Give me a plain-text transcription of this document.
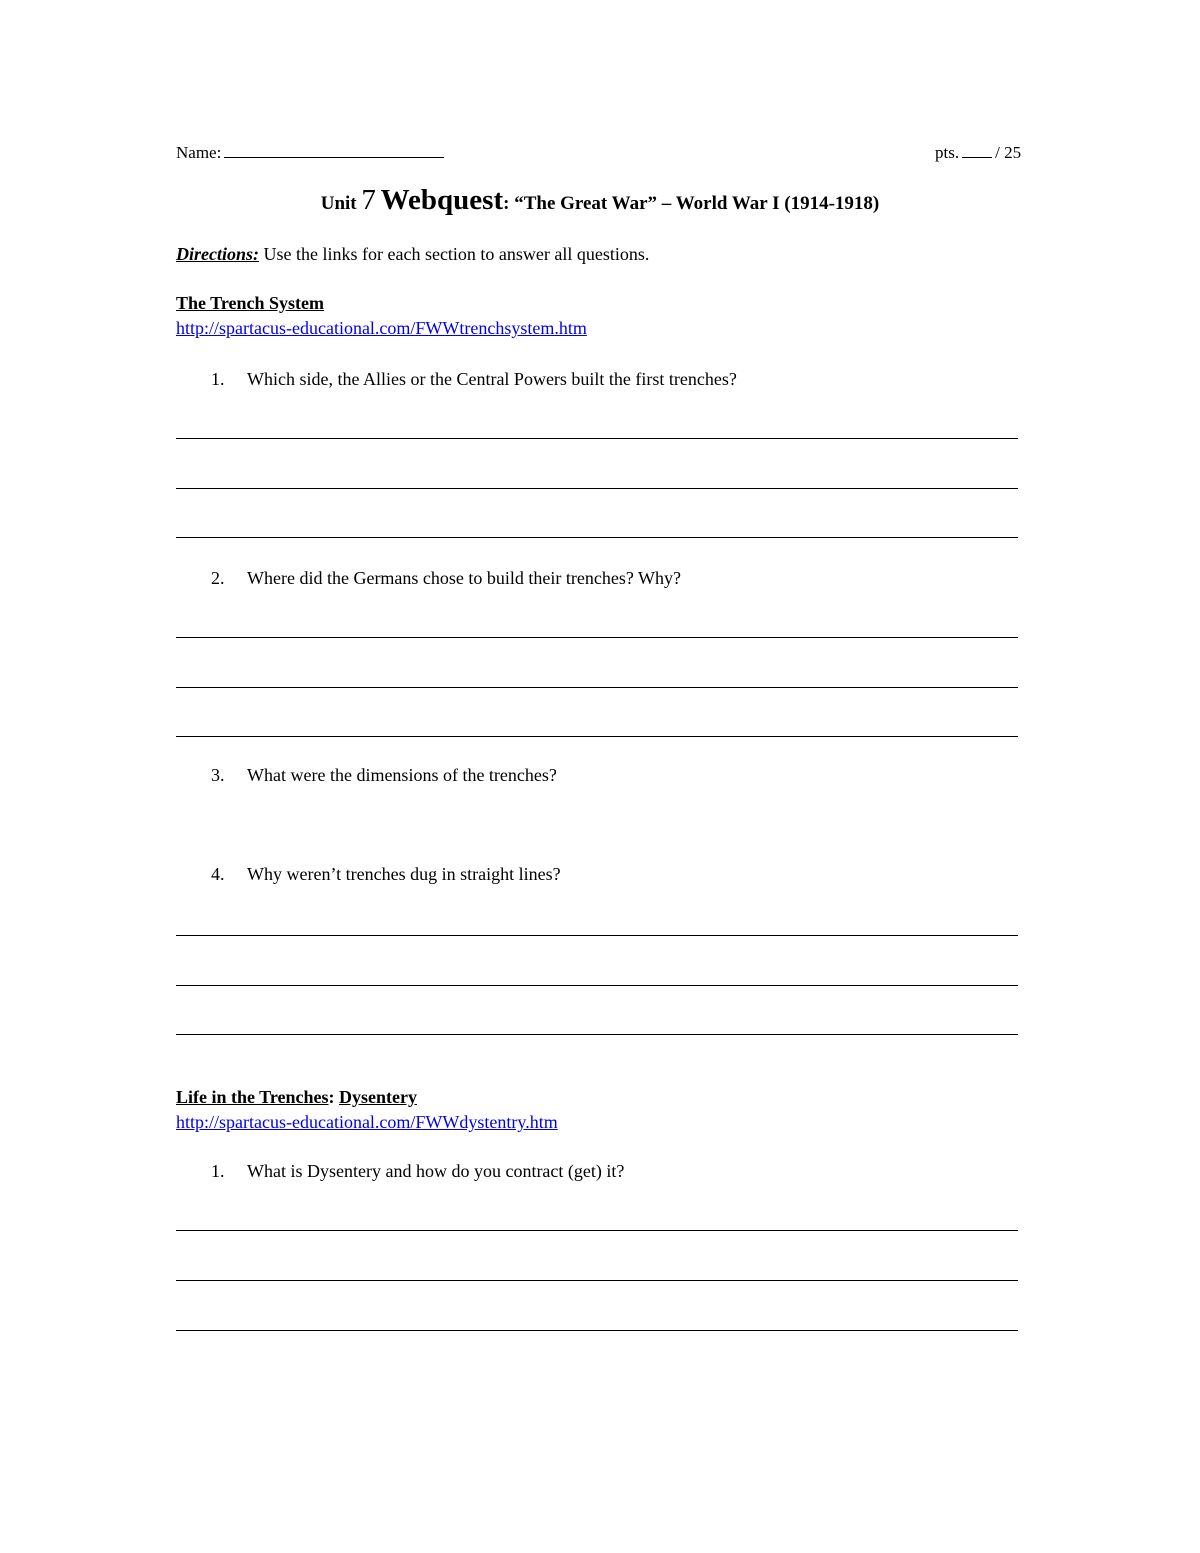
Name:	pts. / 25
Unit 7 Webquest: “The Great War” – World War I (1914-1918)
Directions: Use the links for each section to answer all questions.
The Trench System
http://spartacus-educational.com/FWWtrenchsystem.htm
1. Which side, the Allies or the Central Powers built the first trenches?
2. Where did the Germans chose to build their trenches? Why?
3. What were the dimensions of the trenches?
4. Why weren’t trenches dug in straight lines?
Life in the Trenches: Dysentery
http://spartacus-educational.com/FWWdystentry.htm
1. What is Dysentery and how do you contract (get) it?
